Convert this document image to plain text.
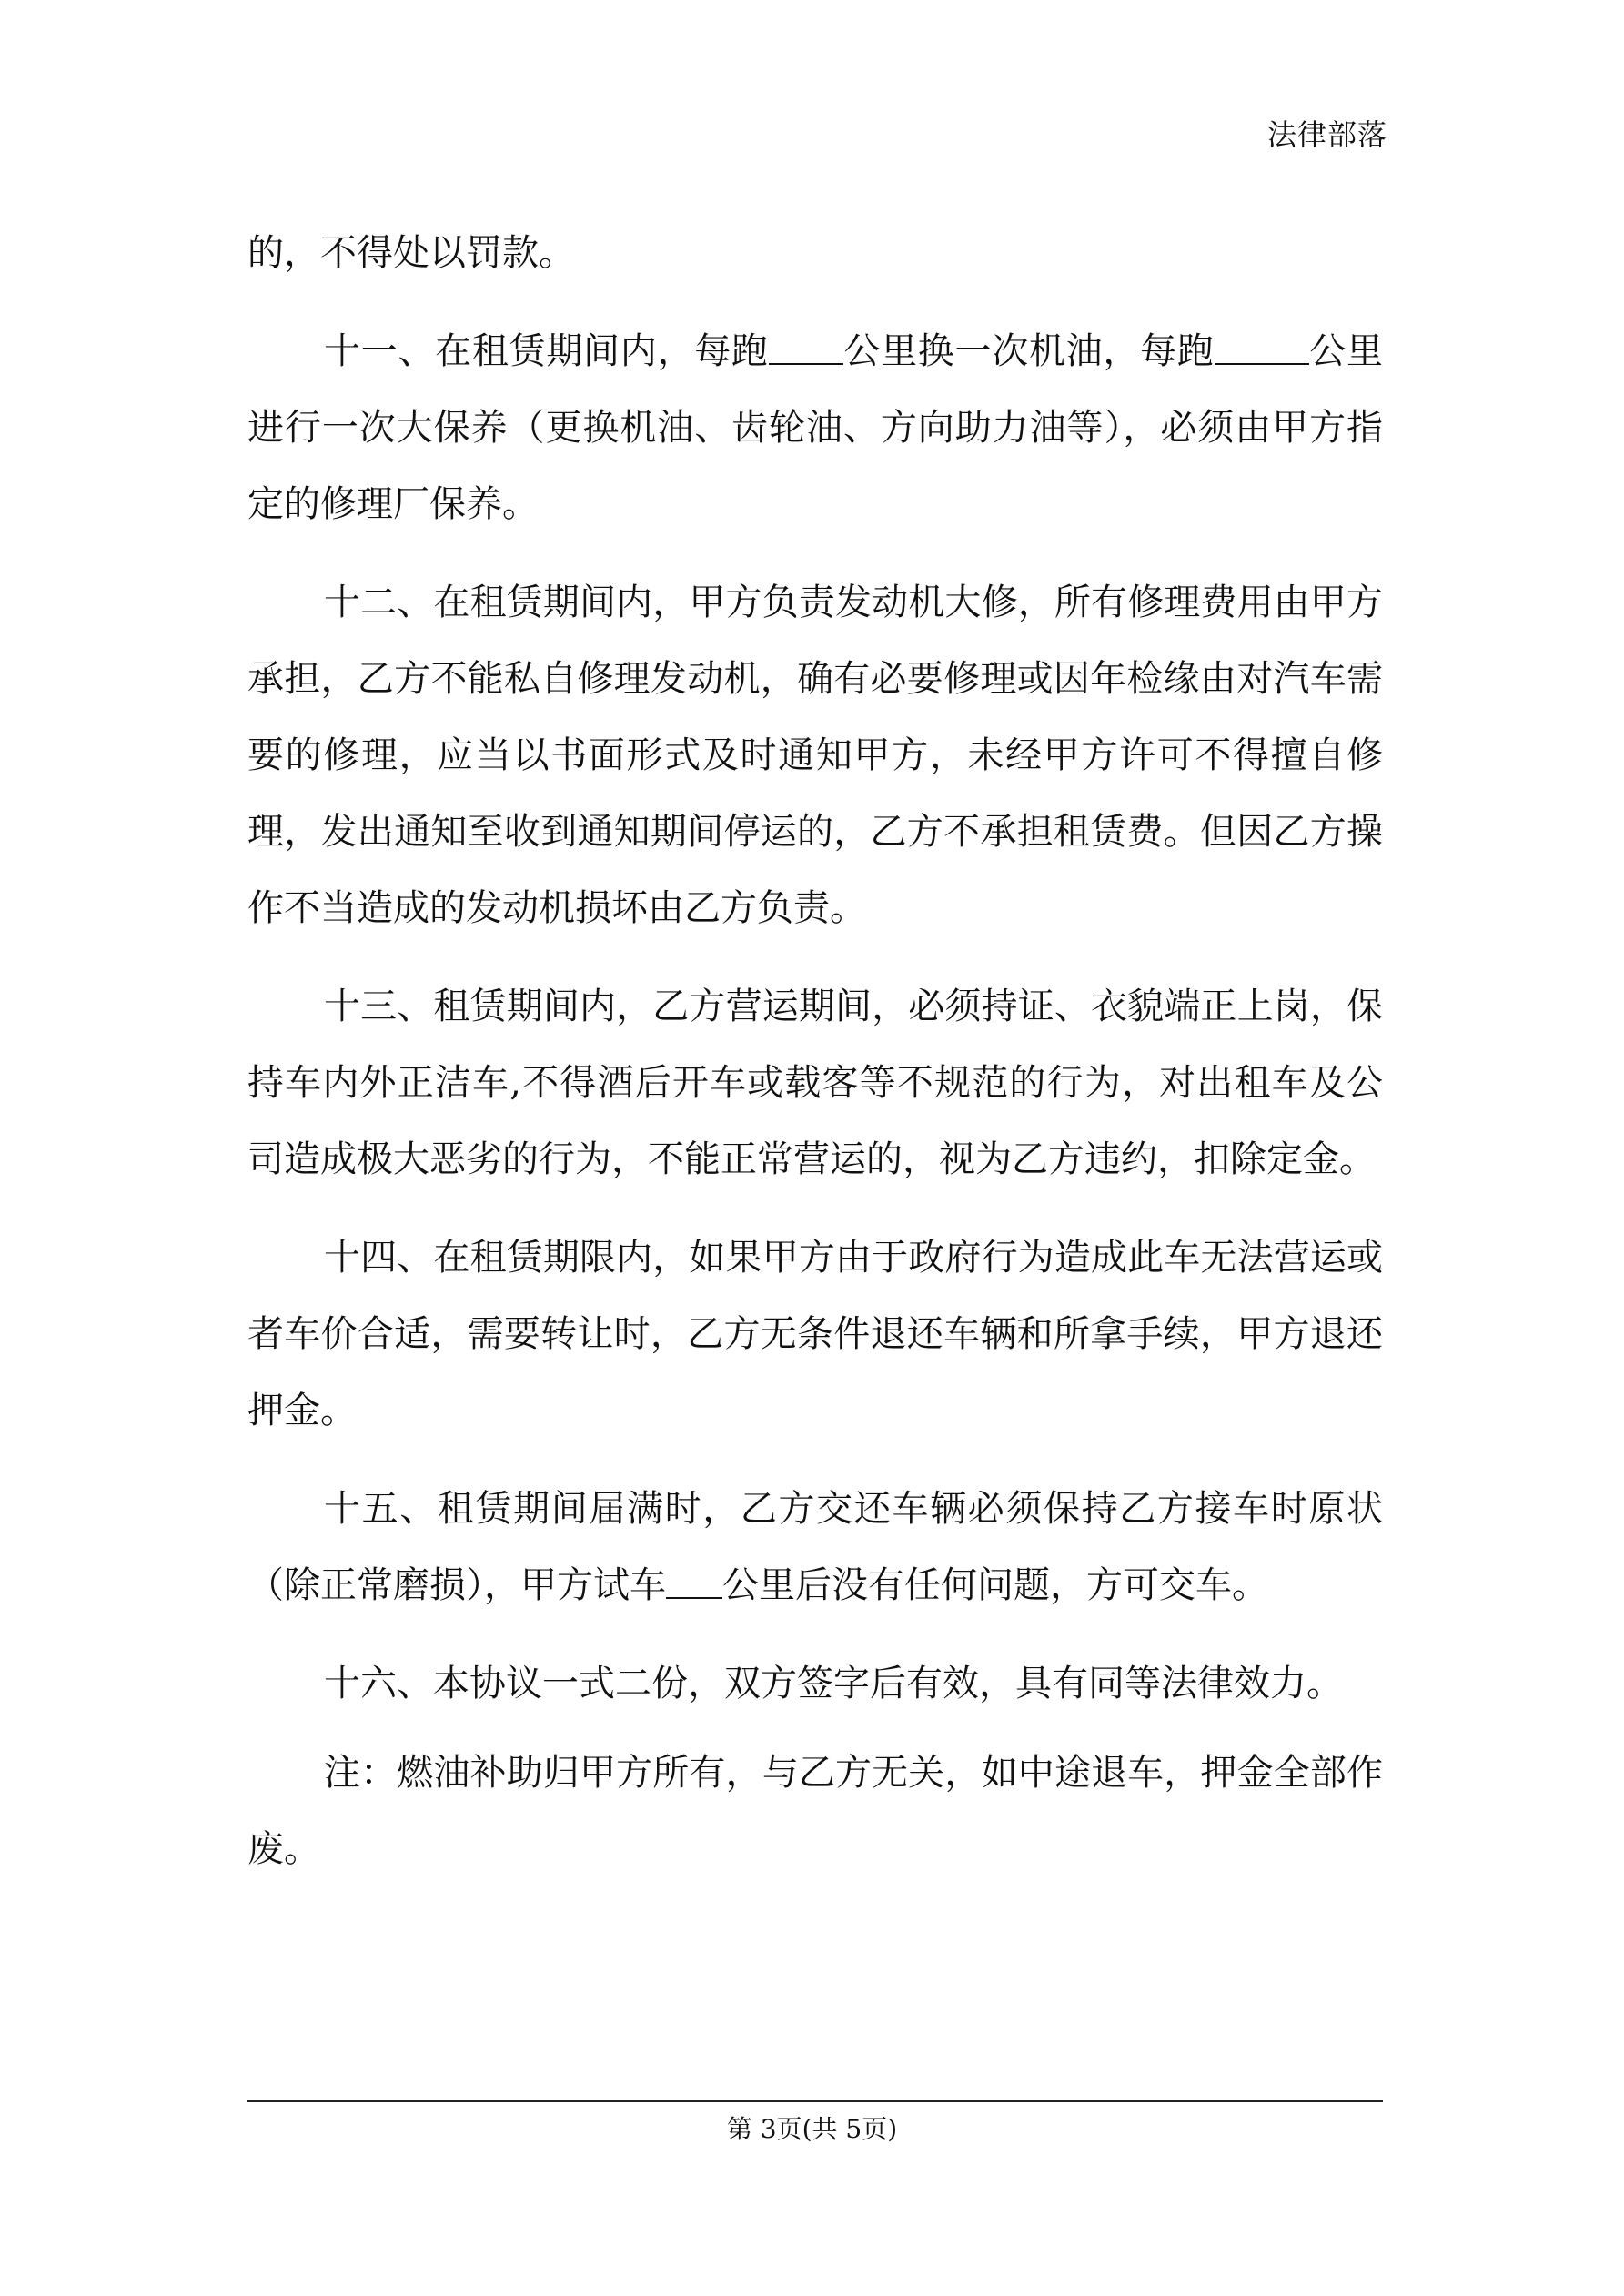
法律部落

的，不得处以罚款。

十一、在租赁期间内，每跑 公里换一次机油，每跑	公里进行一次大保养（更换机油、齿轮油、方向助力油等），必须由甲方指定的修理厂保养。

十二、在租赁期间内，甲方负责发动机大修，所有修理费用由甲方承担，乙方不能私自修理发动机，确有必要修理或因年检缘由对汽车需要的修理，应当以书面形式及时通知甲方，未经甲方许可不得擅自修理，发出通知至收到通知期间停运的，乙方不承担租赁费。但因乙方操作不当造成的发动机损坏由乙方负责。

十三、租赁期间内，乙方营运期间，必须持证、衣貌端正上岗，保持车内外正洁车,不得酒后开车或载客等不规范的行为，对出租车及公司造成极大恶劣的行为，不能正常营运的，视为乙方违约，扣除定金。

十四、在租赁期限内，如果甲方由于政府行为造成此车无法营运或者车价合适，需要转让时，乙方无条件退还车辆和所拿手续，甲方退还押金。

十五、租赁期间届满时，乙方交还车辆必须保持乙方接车时原状（除正常磨损），甲方试车 公里后没有任何问题，方可交车。

十六、本协议一式二份，双方签字后有效，具有同等法律效力。

注：燃油补助归甲方所有，与乙方无关，如中途退车，押金全部作废。

第 3页(共 5页)
